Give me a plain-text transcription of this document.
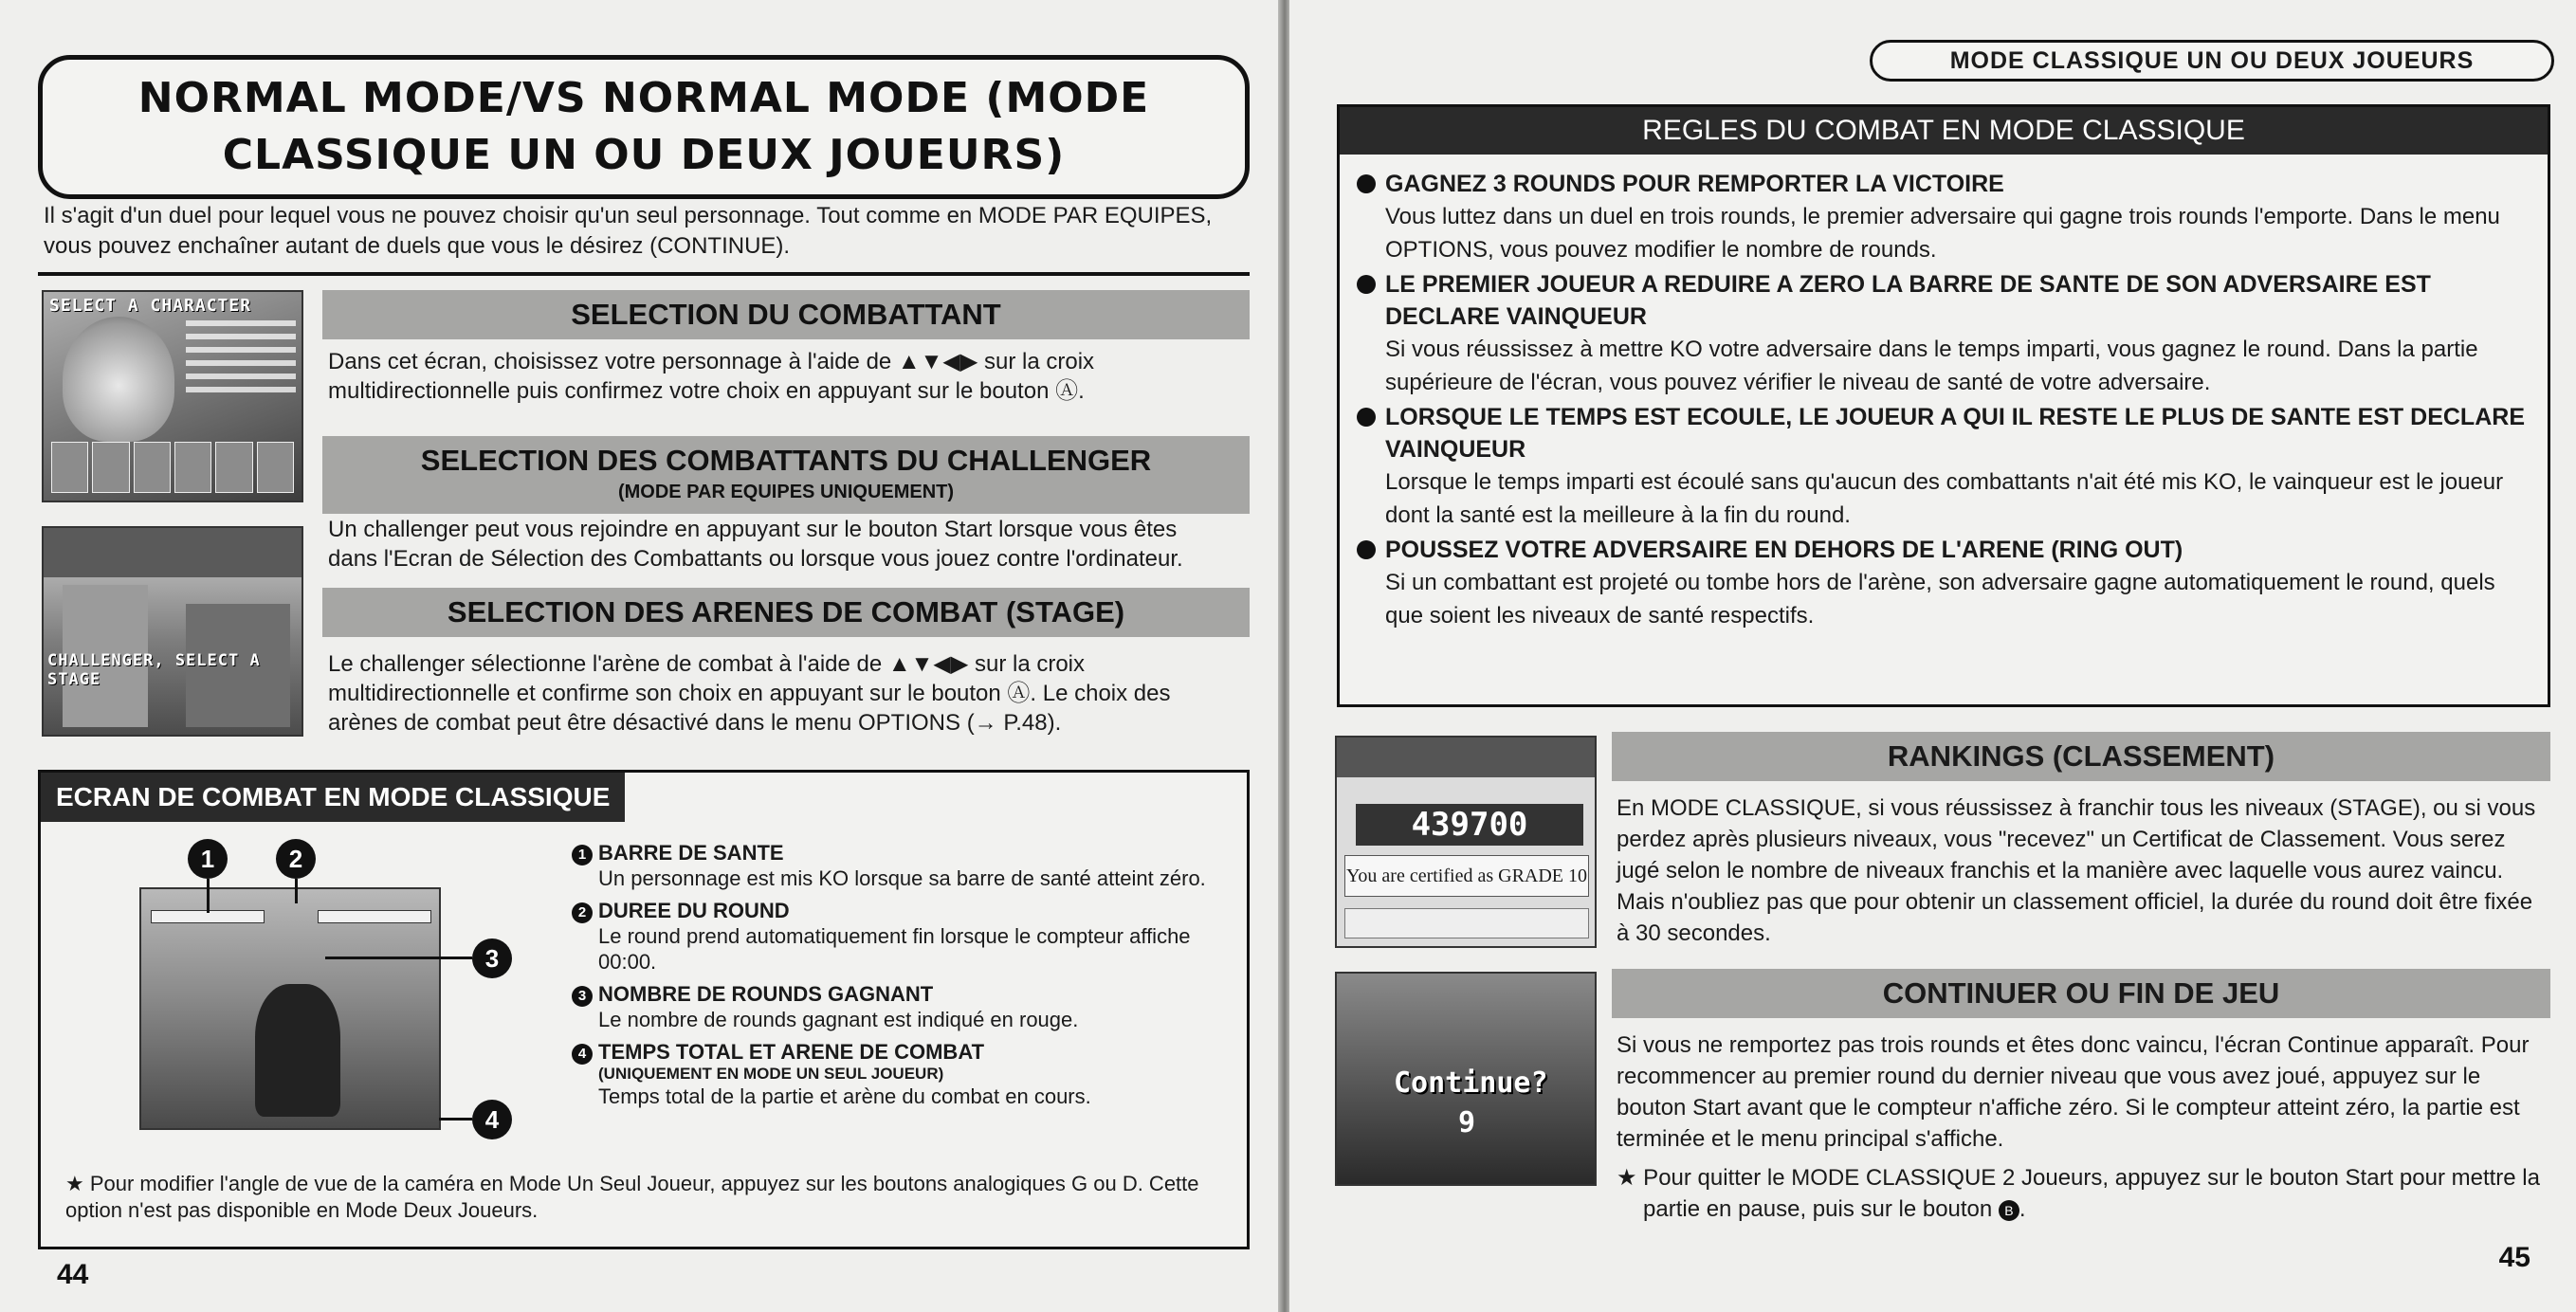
NORMAL MODE/VS NORMAL MODE (MODE CLASSIQUE UN OU DEUX JOUEURS)
Il s'agit d'un duel pour lequel vous ne pouvez choisir qu'un seul personnage. Tout comme en MODE PAR EQUIPES, vous pouvez enchaîner autant de duels que vous le désirez (CONTINUE).
SELECT A CHARACTER
CHALLENGER, SELECT A STAGE
SELECTION DU COMBATTANT
Dans cet écran, choisissez votre personnage à l'aide de ▲▼◀▶ sur la croix multidirectionnelle puis confirmez votre choix en appuyant sur le bouton Ⓐ.
SELECTION DES COMBATTANTS DU CHALLENGER
(MODE PAR EQUIPES UNIQUEMENT)
Un challenger peut vous rejoindre en appuyant sur le bouton Start lorsque vous êtes dans l'Ecran de Sélection des Combattants ou lorsque vous jouez contre l'ordinateur.
SELECTION DES ARENES DE COMBAT (STAGE)
Le challenger sélectionne l'arène de combat à l'aide de ▲▼◀▶ sur la croix multidirectionnelle et confirme son choix en appuyant sur le bouton Ⓐ. Le choix des arènes de combat peut être désactivé dans le menu OPTIONS (→ P.48).
ECRAN DE COMBAT EN MODE CLASSIQUE
1	2
3
4
1 BARRE DE SANTE
Un personnage est mis KO lorsque sa barre de santé atteint zéro.
2 DUREE DU ROUND
Le round prend automatiquement fin lorsque le compteur affiche 00:00.
3 NOMBRE DE ROUNDS GAGNANT
Le nombre de rounds gagnant est indiqué en rouge.
4 TEMPS TOTAL ET ARENE DE COMBAT
(UNIQUEMENT EN MODE UN SEUL JOUEUR)
Temps total de la partie et arène du combat en cours.
★ Pour modifier l'angle de vue de la caméra en Mode Un Seul Joueur, appuyez sur les boutons analogiques G ou D. Cette option n'est pas disponible en Mode Deux Joueurs.
44
MODE CLASSIQUE UN OU DEUX JOUEURS
REGLES DU COMBAT EN MODE CLASSIQUE
GAGNEZ 3 ROUNDS POUR REMPORTER LA VICTOIRE
Vous luttez dans un duel en trois rounds, le premier adversaire qui gagne trois rounds l'emporte. Dans le menu OPTIONS, vous pouvez modifier le nombre de rounds.
LE PREMIER JOUEUR A REDUIRE A ZERO LA BARRE DE SANTE DE SON ADVERSAIRE EST DECLARE VAINQUEUR
Si vous réussissez à mettre KO votre adversaire dans le temps imparti, vous gagnez le round. Dans la partie supérieure de l'écran, vous pouvez vérifier le niveau de santé de votre adversaire.
LORSQUE LE TEMPS EST ECOULE, LE JOUEUR A QUI IL RESTE LE PLUS DE SANTE EST DECLARE VAINQUEUR
Lorsque le temps imparti est écoulé sans qu'aucun des combattants n'ait été mis KO, le vainqueur est le joueur dont la santé est la meilleure à la fin du round.
POUSSEZ VOTRE ADVERSAIRE EN DEHORS DE L'ARENE (RING OUT)
Si un combattant est projeté ou tombe hors de l'arène, son adversaire gagne automatiquement le round, quels que soient les niveaux de santé respectifs.
439700
You are certified as GRADE 10
RANKINGS (CLASSEMENT)
En MODE CLASSIQUE, si vous réussissez à franchir tous les niveaux (STAGE), ou si vous perdez après plusieurs niveaux, vous "recevez" un Certificat de Classement. Vous serez jugé selon le nombre de niveaux franchis et la manière avec laquelle vous aurez vaincu. Mais n'oubliez pas que pour obtenir un classement officiel, la durée du round doit être fixée à 30 secondes.
Continue?
9
CONTINUER OU FIN DE JEU
Si vous ne remportez pas trois rounds et êtes donc vaincu, l'écran Continue apparaît. Pour recommencer au premier round du dernier niveau que vous avez joué, appuyez sur le bouton Start avant que le compteur n'affiche zéro. Si le compteur atteint zéro, la partie est terminée et le menu principal s'affiche.
★ Pour quitter le MODE CLASSIQUE 2 Joueurs, appuyez sur le bouton Start pour mettre la partie en pause, puis sur le bouton B .
45
